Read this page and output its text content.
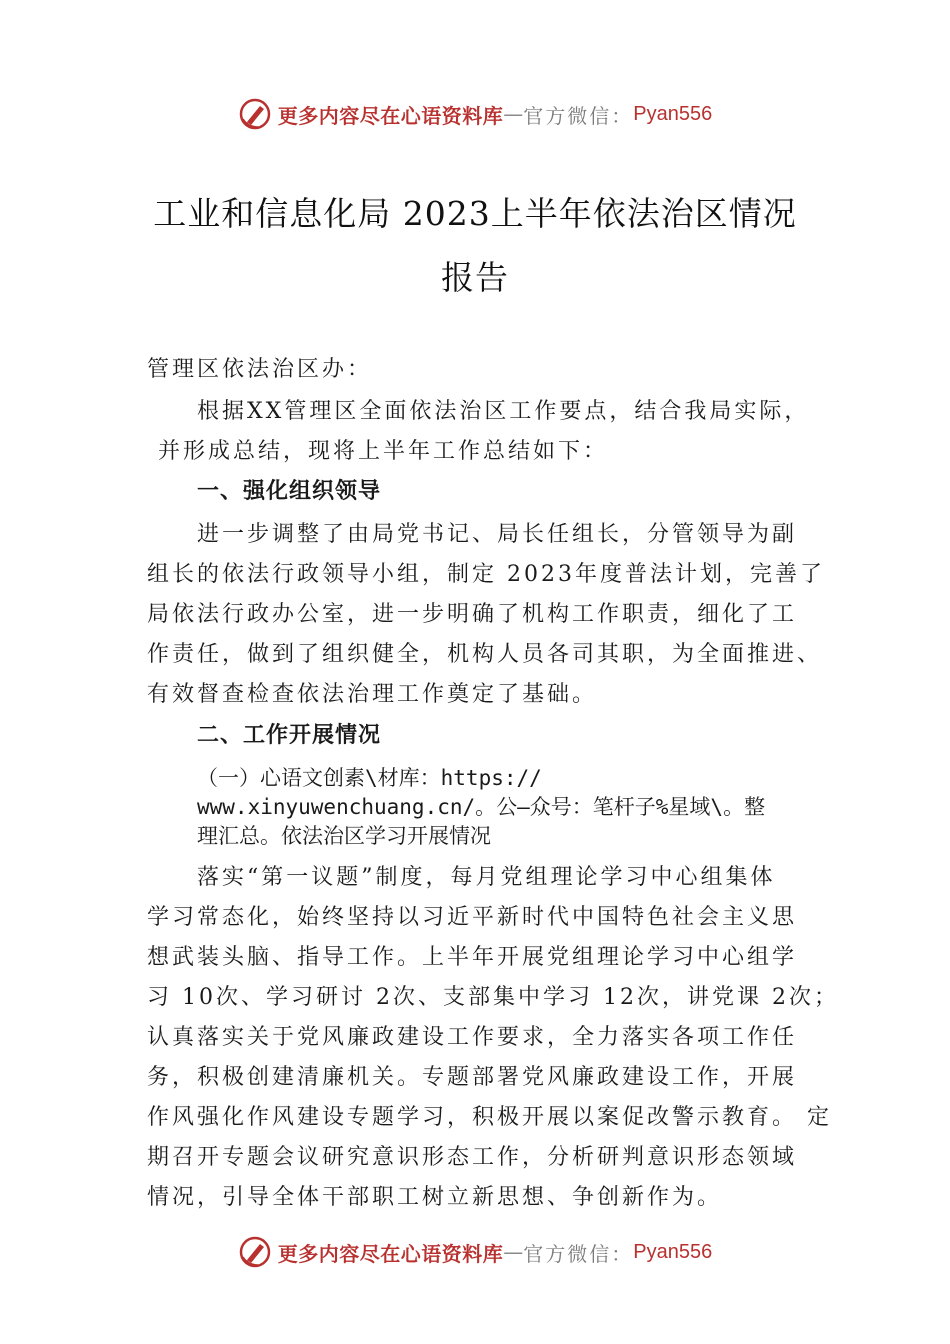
更多内容尽在心语资料库 — 官方微信： Pyan556
工业和信息化局 2023上半年依法治区情况
报告
管理区依法治区办：
根据XX管理区全面依法治区工作要点，结合我局实际，
并形成总结，现将上半年工作总结如下：
一、强化组织领导
进一步调整了由局党书记、局长任组长，分管领导为副
组长的依法行政领导小组，制定 2023年度普法计划，完善了
局依法行政办公室，进一步明确了机构工作职责，细化了工
作责任，做到了组织健全，机构人员各司其职，为全面推进、
有效督查检查依法治理工作奠定了基础。
二、工作开展情况
（一）心语文创素\材库：https://
www.xinyuwenchuang.cn/。公—众号：笔杆子%星域\。整
理汇总。依法治区学习开展情况
落实“第一议题”制度，每月党组理论学习中心组集体
学习常态化，始终坚持以习近平新时代中国特色社会主义思
想武装头脑、指导工作。上半年开展党组理论学习中心组学
习 10次、学习研讨 2次、支部集中学习 12次，讲党课 2次；
认真落实关于党风廉政建设工作要求，全力落实各项工作任
务，积极创建清廉机关。专题部署党风廉政建设工作，开展
作风强化作风建设专题学习，积极开展以案促改警示教育。 定
期召开专题会议研究意识形态工作，分析研判意识形态领域
情况，引导全体干部职工树立新思想、争创新作为。
更多内容尽在心语资料库 — 官方微信： Pyan556
